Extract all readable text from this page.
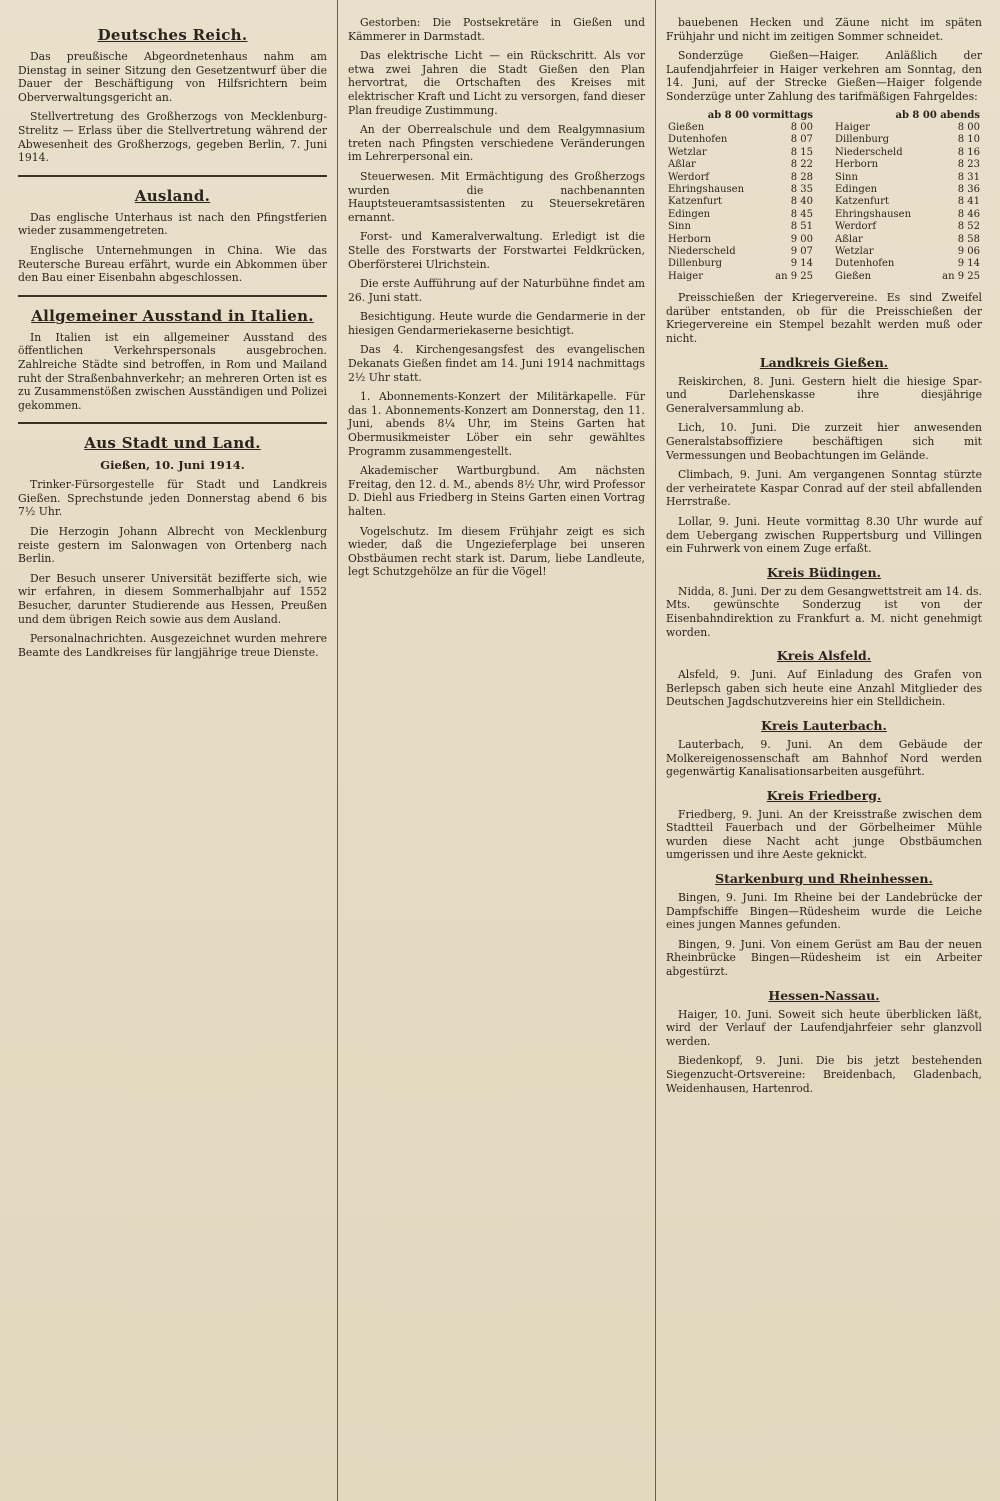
Deutsches Reich.

Das preußische Abgeordnetenhaus nahm am Dienstag in seiner Sitzung den Gesetzentwurf über die Dauer der Beschäftigung von Hilfsrichtern beim Oberverwaltungsgericht an.

Stellvertretung des Großherzogs von Mecklenburg-Strelitz — Erlass über die Stellvertretung während der Abwesenheit des Großherzogs, gegeben Berlin, 7. Juni 1914.

Ausland.

Das englische Unterhaus ist nach den Pfingstferien wieder zusammengetreten.

Englische Unternehmungen in China. Wie das Reutersche Bureau erfährt, wurde ein Abkommen über den Bau einer Eisenbahn abgeschlossen.

Allgemeiner Ausstand in Italien.

In Italien ist ein allgemeiner Ausstand des öffentlichen Verkehrspersonals ausgebrochen. Zahlreiche Städte sind betroffen, in Rom und Mailand ruht der Straßenbahnverkehr; an mehreren Orten ist es zu Zusammenstößen zwischen Ausständigen und Polizei gekommen.

Aus Stadt und Land.
Gießen, 10. Juni 1914.

Trinker-Fürsorgestelle für Stadt und Landkreis Gießen. Sprechstunde jeden Donnerstag abend 6 bis 7½ Uhr.

Die Herzogin Johann Albrecht von Mecklenburg reiste gestern im Salonwagen von Ortenberg nach Berlin.

Der Besuch unserer Universität bezifferte sich, wie wir erfahren, in diesem Sommerhalbjahr auf 1552 Besucher, darunter Studierende aus Hessen, Preußen und dem übrigen Reich sowie aus dem Ausland.

Personalnachrichten. Ausgezeichnet wurden mehrere Beamte des Landkreises für langjährige treue Dienste.

Gestorben: Die Postsekretäre in Gießen und Kämmerer in Darmstadt.

Das elektrische Licht — ein Rückschritt. Als vor etwa zwei Jahren die Stadt Gießen den Plan hervortrat, die Ortschaften des Kreises mit elektrischer Kraft und Licht zu versorgen, fand dieser Plan freudige Zustimmung.

An der Oberrealschule und dem Realgymnasium treten nach Pfingsten verschiedene Veränderungen im Lehrerpersonal ein.

Steuerwesen. Mit Ermächtigung des Großherzogs wurden die nachbenannten Hauptsteueramtsassistenten zu Steuersekretären ernannt.

Forst- und Kameralverwaltung. Erledigt ist die Stelle des Forstwarts der Forstwartei Feldkrücken, Oberförsterei Ulrichstein.

Die erste Aufführung auf der Naturbühne findet am 26. Juni statt.

Besichtigung. Heute wurde die Gendarmerie in der hiesigen Gendarmeriekaserne besichtigt.

Das 4. Kirchengesangsfest des evangelischen Dekanats Gießen findet am 14. Juni 1914 nachmittags 2½ Uhr statt.

1. Abonnements-Konzert der Militärkapelle. Für das 1. Abonnements-Konzert am Donnerstag, den 11. Juni, abends 8¼ Uhr, im Steins Garten hat Obermusikmeister Löber ein sehr gewähltes Programm zusammengestellt.

Akademischer Wartburgbund. Am nächsten Freitag, den 12. d. M., abends 8½ Uhr, wird Professor D. Diehl aus Friedberg in Steins Garten einen Vortrag halten.

Vogelschutz. Im diesem Frühjahr zeigt es sich wieder, daß die Ungezieferplage bei unseren Obstbäumen recht stark ist. Darum, liebe Landleute, legt Schutzgehölze an für die Vögel!

bauebenen Hecken und Zäune nicht im späten Frühjahr und nicht im zeitigen Sommer schneidet.

Sonderzüge Gießen—Haiger. Anläßlich der Laufendjahrfeier in Haiger verkehren am Sonntag, den 14. Juni, auf der Strecke Gießen—Haiger folgende Sonderzüge unter Zahlung des tarifmäßigen Fahrgeldes:

ab 8 00 vormittags			ab 8 00 abends	
Gießen	8 00		Haiger	8 00
Dutenhofen	8 07		Dillenburg	8 10
Wetzlar	8 15		Niederscheld	8 16
Aßlar	8 22		Herborn	8 23
Werdorf	8 28		Sinn	8 31
Ehringshausen	8 35		Edingen	8 36
Katzenfurt	8 40		Katzenfurt	8 41
Edingen	8 45		Ehringshausen	8 46
Sinn	8 51		Werdorf	8 52
Herborn	9 00		Aßlar	8 58
Niederscheld	9 07		Wetzlar	9 06
Dillenburg	9 14		Dutenhofen	9 14
Haiger	an 9 25		Gießen	an 9 25

Preisschießen der Kriegervereine. Es sind Zweifel darüber entstanden, ob für die Preisschießen der Kriegervereine ein Stempel bezahlt werden muß oder nicht.

Landkreis Gießen.

Reiskirchen, 8. Juni. Gestern hielt die hiesige Spar- und Darlehenskasse ihre diesjährige Generalversammlung ab.

Lich, 10. Juni. Die zurzeit hier anwesenden Generalstabsoffiziere beschäftigen sich mit Vermessungen und Beobachtungen im Gelände.

Climbach, 9. Juni. Am vergangenen Sonntag stürzte der verheiratete Kaspar Conrad auf der steil abfallenden Herrstraße.

Lollar, 9. Juni. Heute vormittag 8.30 Uhr wurde auf dem Uebergang zwischen Ruppertsburg und Villingen ein Fuhrwerk von einem Zuge erfaßt.

Kreis Büdingen.

Nidda, 8. Juni. Der zu dem Gesangwettstreit am 14. ds. Mts. gewünschte Sonderzug ist von der Eisenbahndirektion zu Frankfurt a. M. nicht genehmigt worden.

Kreis Alsfeld.

Alsfeld, 9. Juni. Auf Einladung des Grafen von Berlepsch gaben sich heute eine Anzahl Mitglieder des Deutschen Jagdschutzvereins hier ein Stelldichein.

Kreis Lauterbach.

Lauterbach, 9. Juni. An dem Gebäude der Molkereigenossenschaft am Bahnhof Nord werden gegenwärtig Kanalisationsarbeiten ausgeführt.

Kreis Friedberg.

Friedberg, 9. Juni. An der Kreisstraße zwischen dem Stadtteil Fauerbach und der Görbelheimer Mühle wurden diese Nacht acht junge Obstbäumchen umgerissen und ihre Aeste geknickt.

Starkenburg und Rheinhessen.

Bingen, 9. Juni. Im Rheine bei der Landebrücke der Dampfschiffe Bingen—Rüdesheim wurde die Leiche eines jungen Mannes gefunden.

Bingen, 9. Juni. Von einem Gerüst am Bau der neuen Rheinbrücke Bingen—Rüdesheim ist ein Arbeiter abgestürzt.

Hessen-Nassau.

Haiger, 10. Juni. Soweit sich heute überblicken läßt, wird der Verlauf der Laufendjahrfeier sehr glanzvoll werden.

Biedenkopf, 9. Juni. Die bis jetzt bestehenden Siegenzucht-Ortsvereine: Breidenbach, Gladenbach, Weidenhausen, Hartenrod.
